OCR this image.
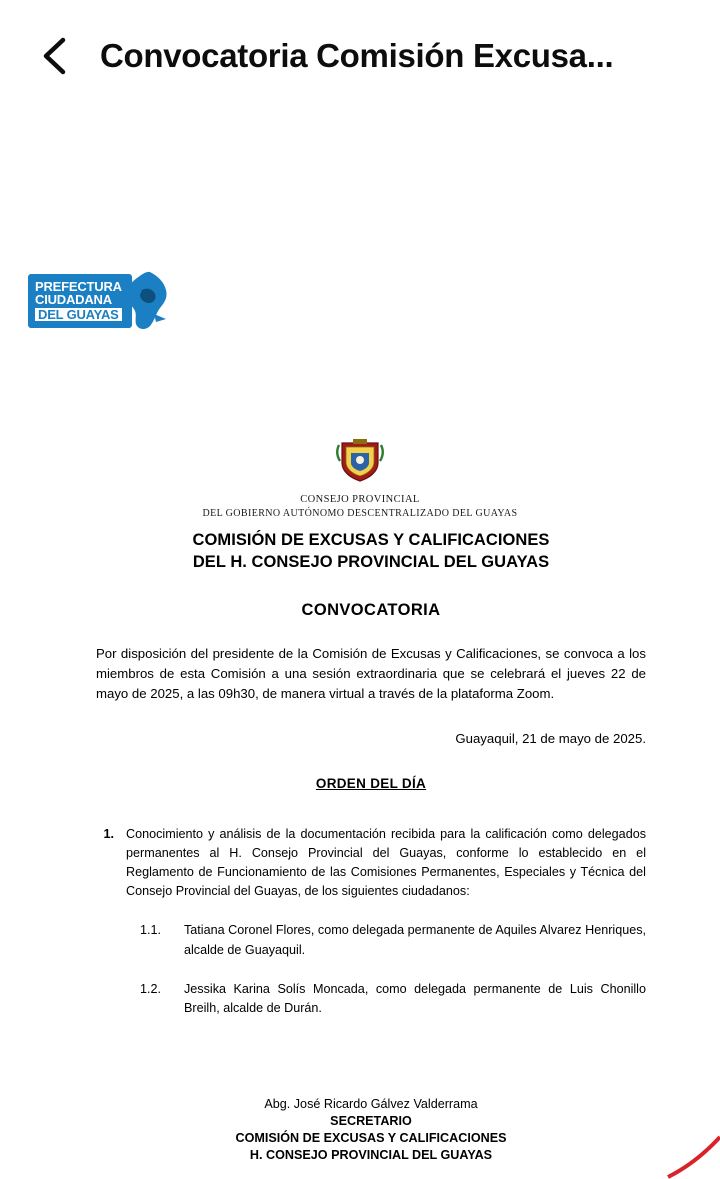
Convocatoria Comisión Excusa...
PREFECTURA
CIUDADANA
DEL GUAYAS
CONSEJO PROVINCIAL
DEL GOBIERNO AUTÓNOMO DESCENTRALIZADO DEL GUAYAS
COMISIÓN DE EXCUSAS Y CALIFICACIONES
DEL H. CONSEJO PROVINCIAL DEL GUAYAS
CONVOCATORIA

Por disposición del presidente de la Comisión de Excusas y Calificaciones, se convoca a los miembros de esta Comisión a una sesión extraordinaria que se celebrará el jueves 22 de mayo de 2025, a las 09h30, de manera virtual a través de la plataforma Zoom.

Guayaquil, 21 de mayo de 2025.
ORDEN DEL DÍA
1. Conocimiento y análisis de la documentación recibida para la calificación como delegados permanentes al H. Consejo Provincial del Guayas, conforme lo establecido en el Reglamento de Funcionamiento de las Comisiones Permanentes, Especiales y Técnica del Consejo Provincial del Guayas, de los siguientes ciudadanos:
1.1.	Tatiana Coronel Flores, como delegada permanente de Aquiles Alvarez Henriques, alcalde de Guayaquil.
1.2.	Jessika Karina Solís Moncada, como delegada permanente de Luis Chonillo Breilh, alcalde de Durán.
Abg. José Ricardo Gálvez Valderrama
SECRETARIO
COMISIÓN DE EXCUSAS Y CALIFICACIONES
H. CONSEJO PROVINCIAL DEL GUAYAS
